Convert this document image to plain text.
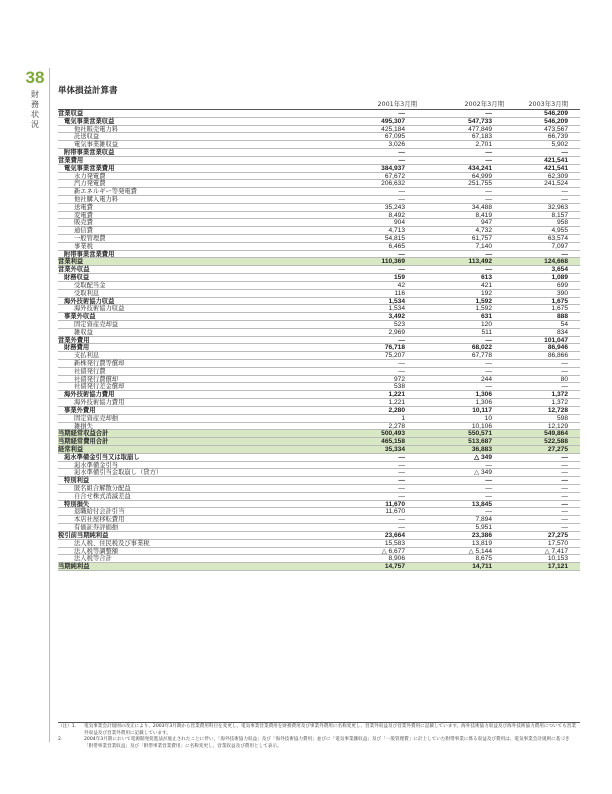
38
財
務
状
況
単体損益計算書
2001年3月期	2002年3月期	2003年3月期
営業収益	—	—	546,209
電気事業営業収益	495,307	547,733	546,209
他社販売電力料	425,184	477,849	473,567
託送収益	67,095	67,183	66,739
電気事業雑収益	3,026	2,701	5,902
附帯事業営業収益	—	—	—
営業費用	—	—	421,541
電気事業営業費用	384,937	434,241	421,541
水力発電費	67,672	64,999	62,309
汽力発電費	206,632	251,755	241,524
新エネルギー等発電費	—	—	—
他社購入電力料	—	—	—
送電費	35,243	34,488	32,963
変電費	8,492	8,419	8,157
販売費	904	947	958
通信費	4,713	4,732	4,955
一般管理費	54,815	61,757	63,574
事業税	6,465	7,140	7,097
附帯事業営業費用	—	—	—
営業利益	110,369	113,492	124,668
営業外収益	—	—	3,654
財務収益	159	613	1,089
受取配当金	42	421	699
受取利息	116	192	390
海外技術協力収益	1,534	1,592	1,675
海外技術協力収益	1,534	1,592	1,675
事業外収益	3,492	631	888
固定資産売却益	523	120	54
雑収益	2,969	511	834
営業外費用	—	—	101,047
財務費用	76,718	68,022	86,946
支払利息	75,207	67,778	86,866
新株発行費等償却	—	—	—
社債発行費	—	—	—
社債発行費償却	972	244	80
社債発行差金償却	538	—	—
海外技術協力費用	1,221	1,306	1,372
海外技術協力費用	1,221	1,306	1,372
事業外費用	2,280	10,117	12,728
固定資産売却損	1	10	598
雑損失	2,278	10,106	12,129
当期経常収益合計	500,493	550,571	549,864
当期経常費用合計	465,158	513,687	522,588
経常利益	35,334	36,883	27,275
渇水準備金引当又は取崩し	—	△ 349	—
渇水準備金引当	—	—	—
渇水準備引当金取崩し（貸方）	—	△ 349	—
特別利益	—	—	—
匿名組合解散分配益	—	—	—
自合せ株式消滅差益	—	—	—
特別損失	11,670	13,845	—
退職給付会計引当	11,670	—	—
本店社屋移転費用	—	7,894	—
有価証券評価損	—	5,951	—
税引前当期純利益	23,664	23,386	27,275
法人税、住民税及び事業税	15,583	13,819	17,570
法人税等調整額	△ 6,677	△ 5,144	△ 7,417
法人税等合計	8,906	8,675	10,153
当期純利益	14,757	14,711	17,121
（注）1. 電気事業会計規則の改正により、2003年3月期から営業費用科目を変更し、電気事業営業費用を財務費用及び事業外費用に名称変更し、営業外収益及び営業外費用に記載しています。海外技術協力収益及び海外技術協力費用についても営業外収益及び営業外費用に記載しています。
2.	2004年3月期において電源開発促進法が廃止されたことに伴い、「海外技術協力収益」及び「海外技術協力費用」並びに「電気事業雑収益」及び「一般管理費」に計上していた附帯事業に係る収益及び費用は、電気事業会計規則に基づき「附帯事業営業収益」及び「附帯事業営業費用」に名称変更し、営業収益及び費用として表示。
